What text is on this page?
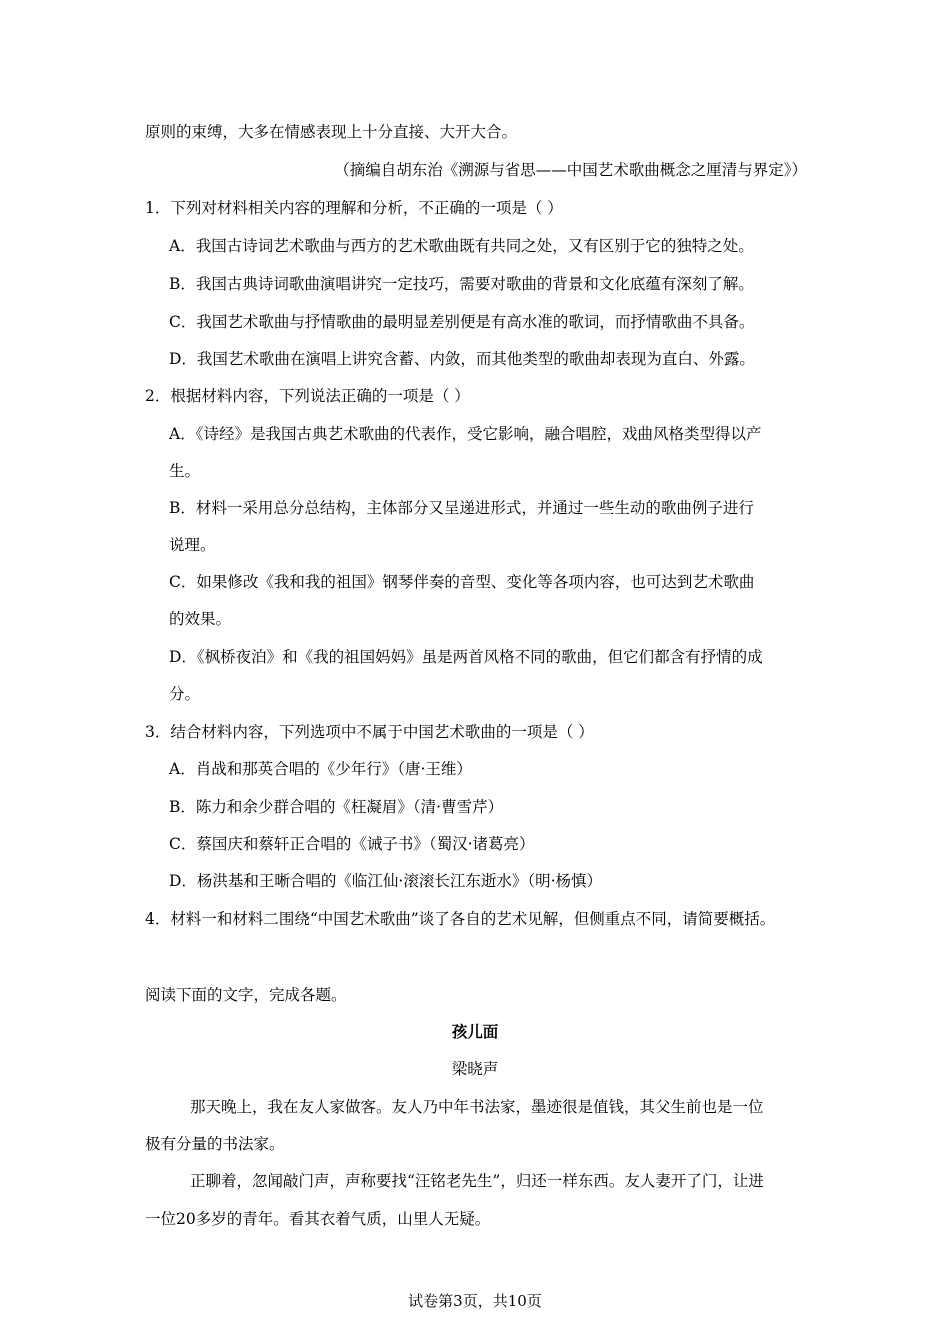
原则的束缚，大多在情感表现上十分直接、大开大合。
（摘编自胡东治《溯源与省思——中国艺术歌曲概念之厘清与界定》）
1．下列对材料相关内容的理解和分析，不正确的一项是（ ）
A．我国古诗词艺术歌曲与西方的艺术歌曲既有共同之处，又有区别于它的独特之处。
B．我国古典诗词歌曲演唱讲究一定技巧，需要对歌曲的背景和文化底蕴有深刻了解。
C．我国艺术歌曲与抒情歌曲的最明显差别便是有高水准的歌词，而抒情歌曲不具备。
D．我国艺术歌曲在演唱上讲究含蓄、内敛，而其他类型的歌曲却表现为直白、外露。
2．根据材料内容，下列说法正确的一项是（ ）
A．《诗经》是我国古典艺术歌曲的代表作，受它影响，融合唱腔，戏曲风格类型得以产
生。
B．材料一采用总分总结构，主体部分又呈递进形式，并通过一些生动的歌曲例子进行
说理。
C．如果修改《我和我的祖国》钢琴伴奏的音型、变化等各项内容，也可达到艺术歌曲
的效果。
D．《枫桥夜泊》和《我的祖国妈妈》虽是两首风格不同的歌曲，但它们都含有抒情的成
分。
3．结合材料内容，下列选项中不属于中国艺术歌曲的一项是（ ）
A．肖战和那英合唱的《少年行》（唐·王维）
B．陈力和余少群合唱的《枉凝眉》（清·曹雪芹）
C．蔡国庆和蔡轩正合唱的《诫子书》（蜀汉·诸葛亮）
D．杨洪基和王晰合唱的《临江仙·滚滚长江东逝水》（明·杨慎）
4．材料一和材料二围绕“中国艺术歌曲”谈了各自的艺术见解，但侧重点不同，请简要概括。
阅读下面的文字，完成各题。
孩儿面
梁晓声
那天晚上，我在友人家做客。友人乃中年书法家，墨迹很是值钱，其父生前也是一位
极有分量的书法家。
正聊着，忽闻敲门声，声称要找“汪铭老先生”，归还一样东西。友人妻开了门，让进
一位20多岁的青年。看其衣着气质，山里人无疑。
试卷第3页，共10页
